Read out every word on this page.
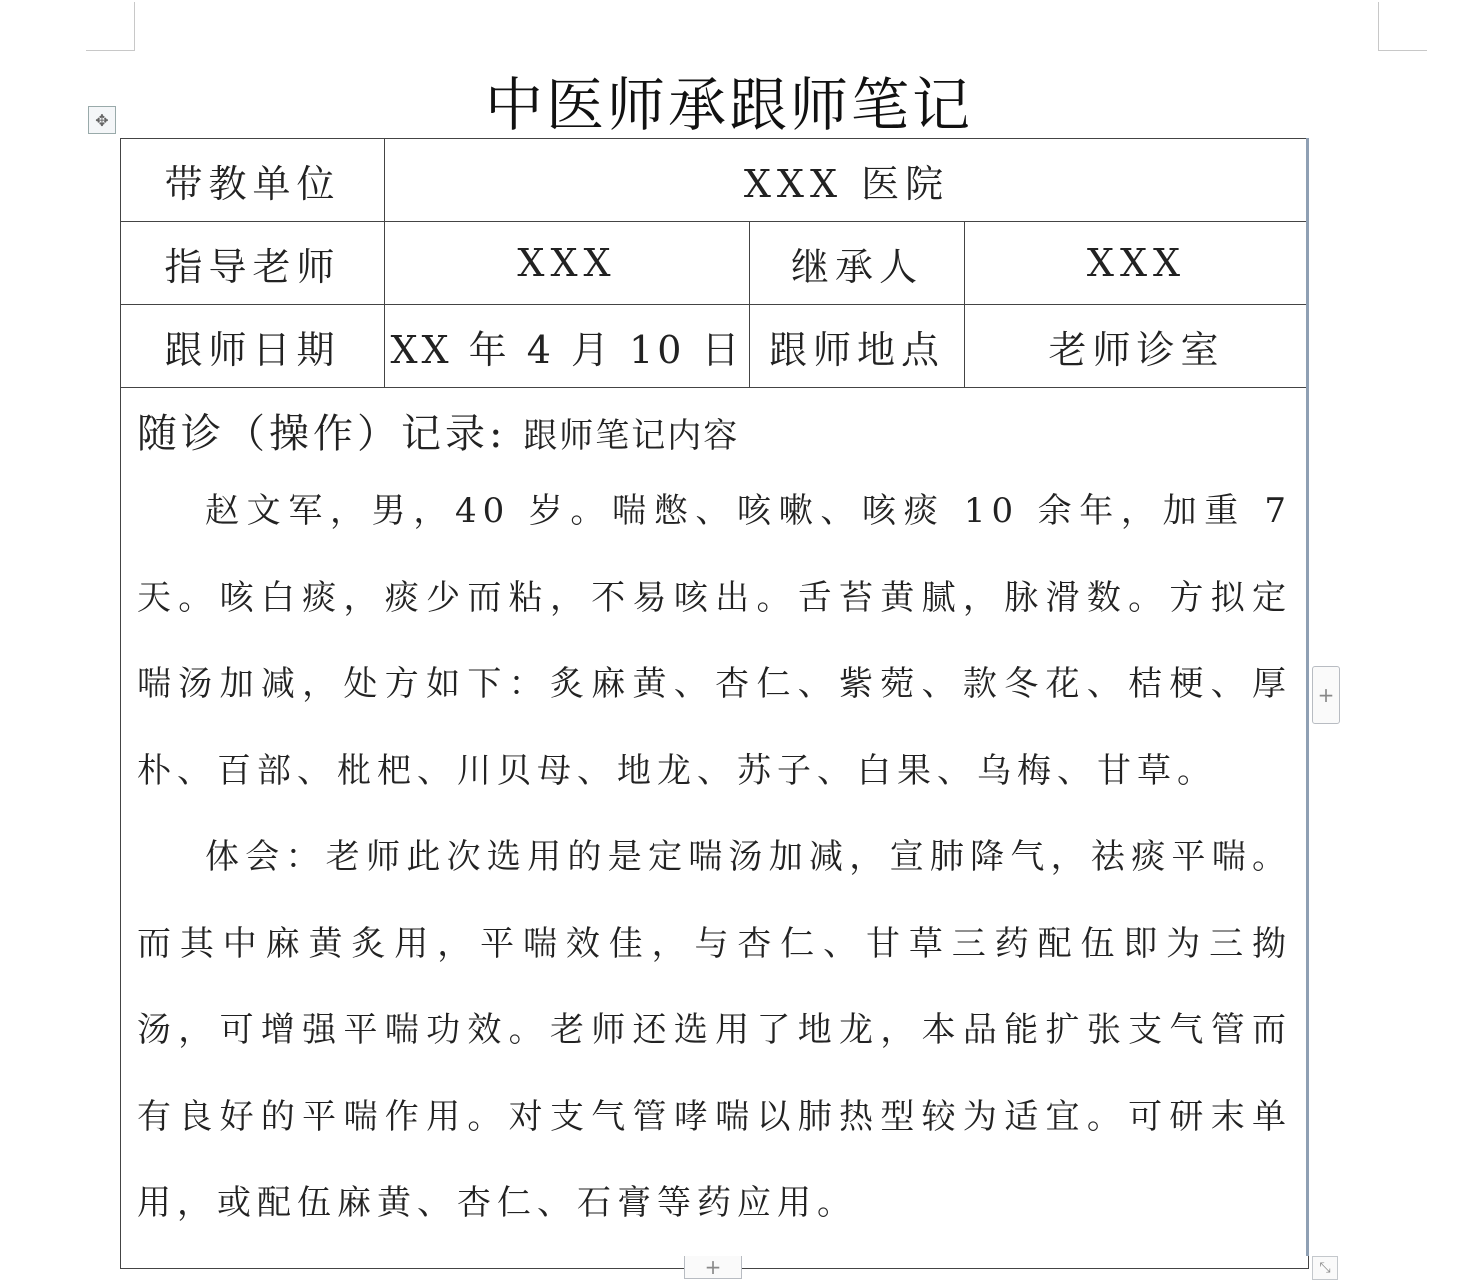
中医师承跟师笔记
✥
带教单位	XXX 医院		
指导老师	XXX	继承人	XXX
跟师日期	XX 年 4 月 10 日	跟师地点	老师诊室

随诊（操作）记录: 跟师笔记内容

赵文军，男，40 岁。喘憋、咳嗽、咳痰 10 余年，加重 7 天。咳白痰，痰少而粘，不易咳出。舌苔黄腻，脉滑数。方拟定喘汤加减，处方如下：炙麻黄、杏仁、紫菀、款冬花、桔梗、厚朴、百部、枇杷、川贝母、地龙、苏子、白果、乌梅、甘草。

体会：老师此次选用的是定喘汤加减，宣肺降气，祛痰平喘。而其中麻黄炙用，平喘效佳，与杏仁、甘草三药配伍即为三拗汤，可增强平喘功效。老师还选用了地龙，本品能扩张支气管而有良好的平喘作用。对支气管哮喘以肺热型较为适宜。可研末单用，或配伍麻黄、杏仁、石膏等药应用。			

+
+	⤡
